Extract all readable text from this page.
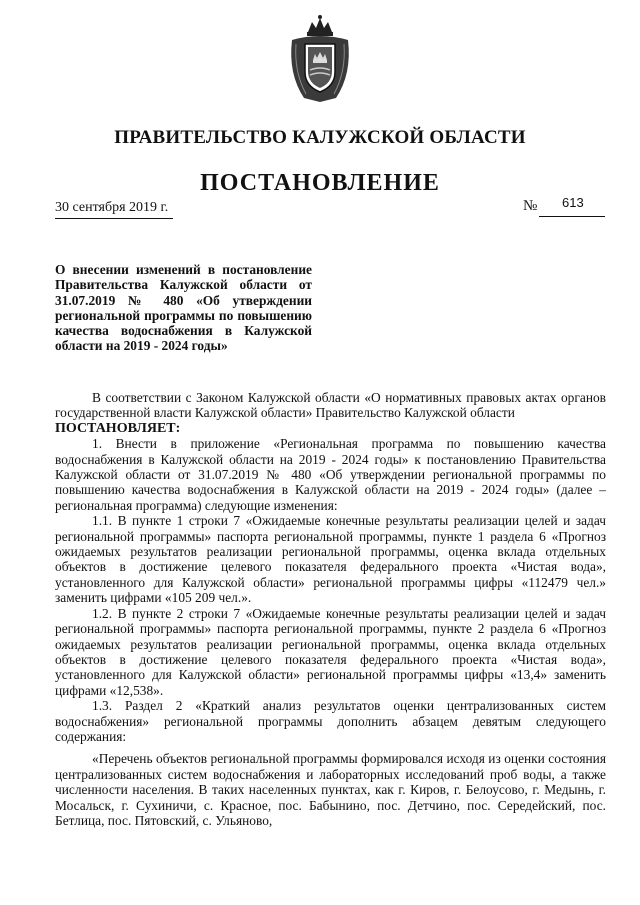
ПРАВИТЕЛЬСТВО КАЛУЖСКОЙ ОБЛАСТИ
ПОСТАНОВЛЕНИЕ
30 сентября 2019 г.	№ 613
О внесении изменений в постановление Правительства Калужской области от 31.07.2019 № 480 «Об утверждении региональной программы по повышению качества водоснабжения в Калужской области на 2019 - 2024 годы»

В соответствии с Законом Калужской области «О нормативных правовых актах органов государственной власти Калужской области» Правительство Калужской области

ПОСТАНОВЛЯЕТ:

1. Внести в приложение «Региональная программа по повышению качества водоснабжения в Калужской области на 2019 - 2024 годы» к постановлению Правительства Калужской области от 31.07.2019 № 480 «Об утверждении региональной программы по повышению качества водоснабжения в Калужской области на 2019 - 2024 годы» (далее – региональная программа) следующие изменения:

1.1. В пункте 1 строки 7 «Ожидаемые конечные результаты реализации целей и задач региональной программы» паспорта региональной программы, пункте 1 раздела 6 «Прогноз ожидаемых результатов реализации региональной программы, оценка вклада отдельных объектов в достижение целевого показателя федерального проекта «Чистая вода», установленного для Калужской области» региональной программы цифры «112479 чел.» заменить цифрами «105 209 чел.».

1.2. В пункте 2 строки 7 «Ожидаемые конечные результаты реализации целей и задач региональной программы» паспорта региональной программы, пункте 2 раздела 6 «Прогноз ожидаемых результатов реализации региональной программы, оценка вклада отдельных объектов в достижение целевого показателя федерального проекта «Чистая вода», установленного для Калужской области» региональной программы цифры «13,4» заменить цифрами «12,538».

1.3. Раздел 2 «Краткий анализ результатов оценки централизованных систем водоснабжения» региональной программы дополнить абзацем девятым следующего содержания:

«Перечень объектов региональной программы формировался исходя из оценки состояния централизованных систем водоснабжения и лабораторных исследований проб воды, а также численности населения. В таких населенных пунктах, как г. Киров, г. Белоусово, г. Медынь, г. Мосальск, г. Сухиничи, с. Красное, пос. Бабынино, пос. Детчино, пос. Середейский, пос. Бетлица, пос. Пятовский, с. Ульяново,
